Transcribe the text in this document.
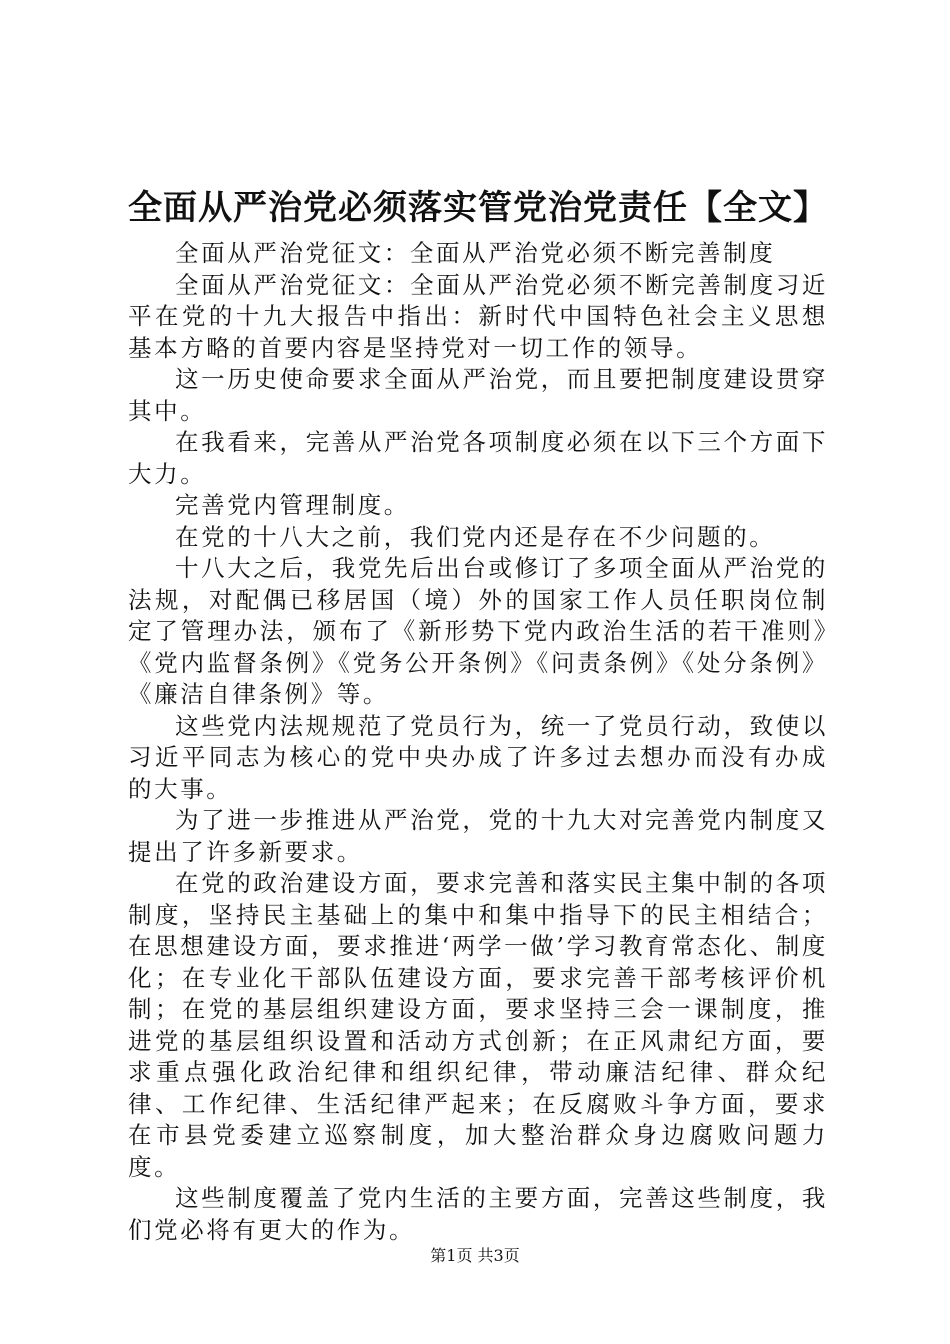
全面从严治党必须落实管党治党责任【全文】

全面从严治党征文：全面从严治党必须不断完善制度

全面从严治党征文：全面从严治党必须不断完善制度习近平在党的十九大报告中指出：新时代中国特色社会主义思想基本方略的首要内容是坚持党对一切工作的领导。

这一历史使命要求全面从严治党，而且要把制度建设贯穿其中。

在我看来，完善从严治党各项制度必须在以下三个方面下大力。

完善党内管理制度。

在党的十八大之前，我们党内还是存在不少问题的。

十八大之后，我党先后出台或修订了多项全面从严治党的法规，对配偶已移居国（境）外的国家工作人员任职岗位制定了管理办法，颁布了《新形势下党内政治生活的若干准则》《党内监督条例》《党务公开条例》《问责条例》《处分条例》《廉洁自律条例》等。

这些党内法规规范了党员行为，统一了党员行动，致使以习近平同志为核心的党中央办成了许多过去想办而没有办成的大事。

为了进一步推进从严治党，党的十九大对完善党内制度又提出了许多新要求。

在党的政治建设方面，要求完善和落实民主集中制的各项制度，坚持民主基础上的集中和集中指导下的民主相结合；在思想建设方面，要求推进‘两学一做’学习教育常态化、制度化；在专业化干部队伍建设方面，要求完善干部考核评价机制；在党的基层组织建设方面，要求坚持三会一课制度，推进党的基层组织设置和活动方式创新；在正风肃纪方面，要求重点强化政治纪律和组织纪律，带动廉洁纪律、群众纪律、工作纪律、生活纪律严起来；在反腐败斗争方面，要求在市县党委建立巡察制度，加大整治群众身边腐败问题力度。

这些制度覆盖了党内生活的主要方面，完善这些制度，我们党必将有更大的作为。

第1页 共3页
